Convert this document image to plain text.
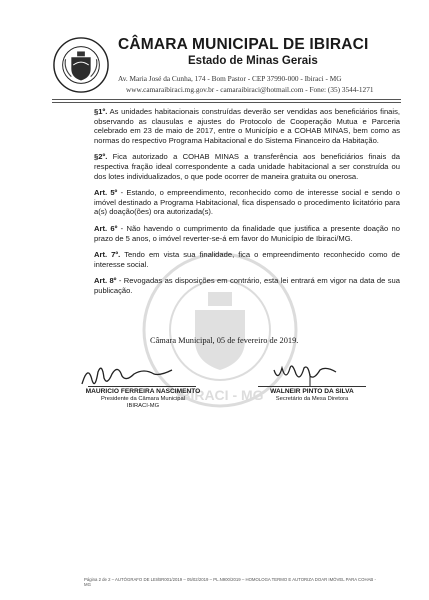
CÂMARA MUNICIPAL DE IBIRACI
Estado de Minas Gerais
Av. Maria José da Cunha, 174 - Bom Pastor - CEP 37990-000 - Ibiraci - MG
www.camaraibiraci.mg.gov.br - camaraibiraci@hotmail.com - Fone: (35) 3544-1271
IBIRACI - MG

§1º. As unidades habitacionais construídas deverão ser vendidas aos beneficiários finais, observando as clausulas e ajustes do Protocolo de Cooperação Mutua e Parceria celebrado em 23 de maio de 2017, entre o Município e a COHAB MINAS, bem como as normas do respectivo Programa Habitacional e do Sistema Financeiro da Habitação.

§2º. Fica autorizado a COHAB MINAS a transferência aos beneficiários finais da respectiva fração ideal correspondente a cada unidade habitacional a ser construída ou dos lotes individualizados, o que pode ocorrer de maneira gratuita ou onerosa.

Art. 5º - Estando, o empreendimento, reconhecido como de interesse social e sendo o imóvel destinado a Programa Habitacional, fica dispensado o procedimento licitatório para a(s) doação(ões) ora autorizada(s).

Art. 6º - Não havendo o cumprimento da finalidade que justifica a presente doação no prazo de 5 anos, o imóvel reverter-se-á em favor do Município de Ibiraci/MG.

Art. 7º. Tendo em vista sua finalidade, fica o empreendimento reconhecido como de interesse social.

Art. 8º - Revogadas as disposições em contrário, esta lei entrará em vigor na data de sua publicação.

Câmara Municipal, 05 de fevereiro de 2019.
MAURICIO FERREIRA NASCIMENTO
Presidente da Câmara Municipal
IBIRACI-MG
WALNEIR PINTO DA SILVA
Secretário da Mesa Diretora
Página 2 de 2 – AUTÓGRAFO DE LEI/BR001/2019 – 05/02/2019 – PL.N900/2019 – HOMOLOGA TERMO E AUTORIZA DOAR IMÓVEL PARA COHAB - MG
